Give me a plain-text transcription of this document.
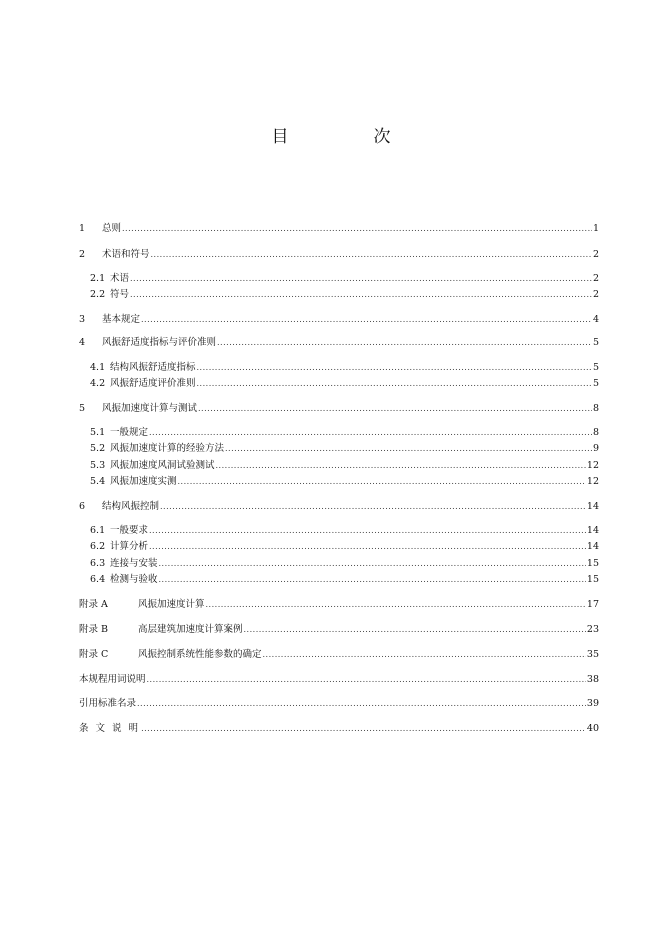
目　次
1	总则 .....	1
2	术语和符号 .....	2
2.1 术语 .....	2
2.2 符号 .....	2
3	基本规定 .....	4
4	风振舒适度指标与评价准则 .....	5
4.1 结构风振舒适度指标 .....	5
4.2 风振舒适度评价准则 .....	5
5	风振加速度计算与测试 .....	8
5.1 一般规定 .....	8
5.2 风振加速度计算的经验方法 .....	9
5.3 风振加速度风洞试验测试 .....	12
5.4 风振加速度实测 .....	12
6	结构风振控制 .....	14
6.1 一般要求 .....	14
6.2 计算分析 .....	14
6.3 连接与安装 .....	15
6.4 检测与验收 .....	15
附录 A	风振加速度计算 .....	17
附录 B	高层建筑加速度计算案例 .....	23
附录 C	风振控制系统性能参数的确定 .....	35
本规程用词说明 .....	38
引用标准名录 .....	39
条 文 说 明 .....	40
